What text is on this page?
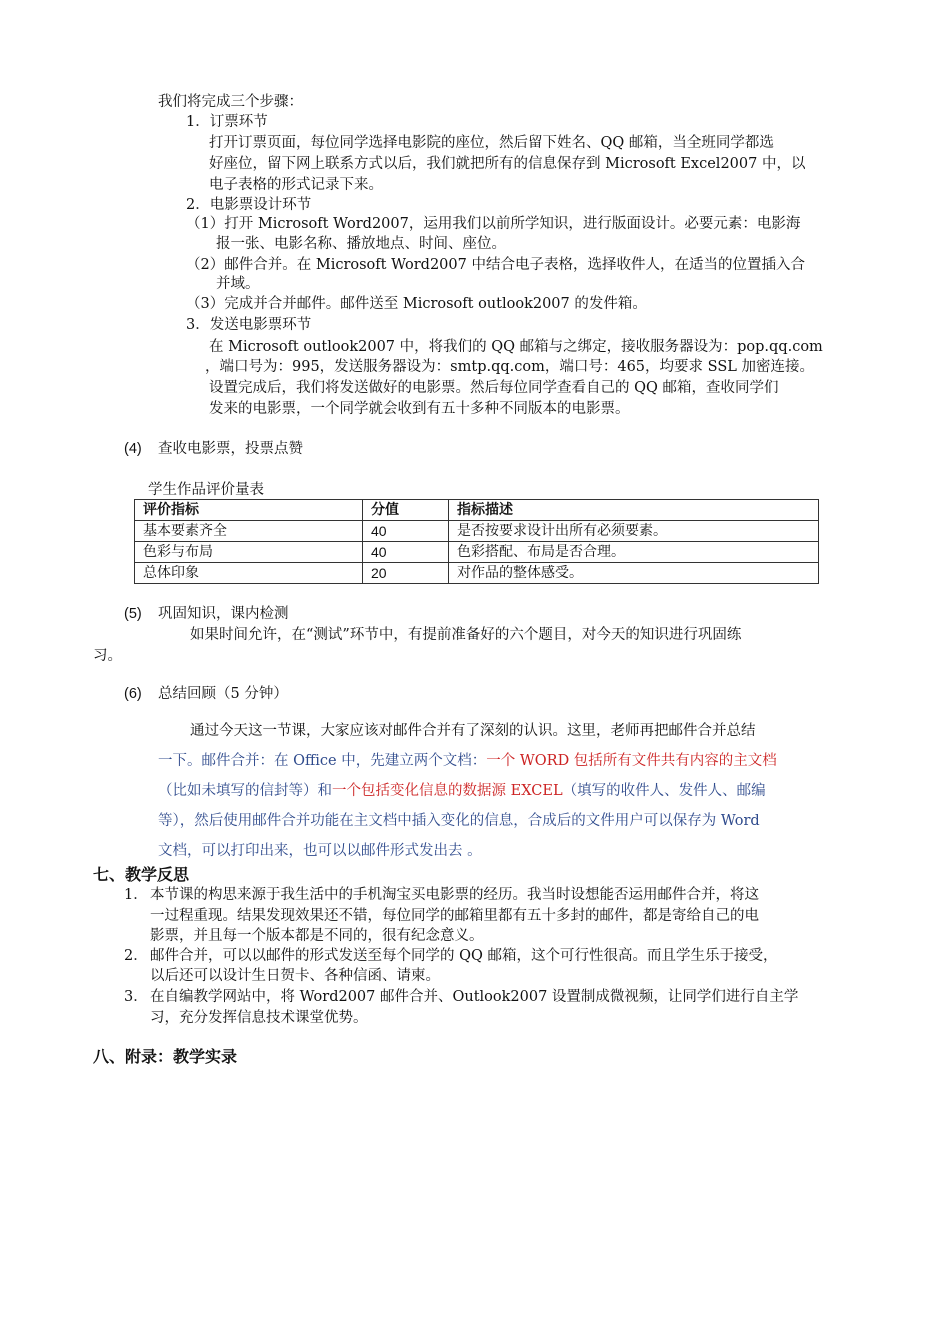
我们将完成三个步骤：
1．订票环节
打开订票页面，每位同学选择电影院的座位，然后留下姓名、QQ 邮箱，当全班同学都选
好座位，留下网上联系方式以后，我们就把所有的信息保存到 Microsoft Excel2007 中，以
电子表格的形式记录下来。
2．电影票设计环节
（1）打开 Microsoft Word2007，运用我们以前所学知识，进行版面设计。必要元素：电影海
报一张、电影名称、播放地点、时间、座位。
（2）邮件合并。在 Microsoft Word2007 中结合电子表格，选择收件人，在适当的位置插入合
并域。
（3）完成并合并邮件。邮件送至 Microsoft outlook2007 的发件箱。
3．发送电影票环节
在 Microsoft outlook2007 中，将我们的 QQ 邮箱与之绑定，接收服务器设为：pop.qq.com
，端口号为：995，发送服务器设为：smtp.qq.com，端口号：465，均要求 SSL 加密连接。
设置完成后，我们将发送做好的电影票。然后每位同学查看自己的 QQ 邮箱，查收同学们
发来的电影票，一个同学就会收到有五十多种不同版本的电影票。
(4) 查收电影票，投票点赞
学生作品评价量表
评价指标	分值	指标描述
基本要素齐全	40	是否按要求设计出所有必须要素。
色彩与布局	40	色彩搭配、布局是否合理。
总体印象	20	对作品的整体感受。
(5) 巩固知识，课内检测
如果时间允许，在“测试”环节中，有提前准备好的六个题目，对今天的知识进行巩固练
习。
(6) 总结回顾（5 分钟）
通过今天这一节课，大家应该对邮件合并有了深刻的认识。这里，老师再把邮件合并总结
一下。邮件合并：在 Office 中，先建立两个文档：一个 WORD 包括所有文件共有内容的主文档
（比如未填写的信封等）和一个包括变化信息的数据源 EXCEL（填写的收件人、发件人、邮编
等），然后使用邮件合并功能在主文档中插入变化的信息，合成后的文件用户可以保存为 Word
文档，可以打印出来，也可以以邮件形式发出去 。
七、教学反思
1． 本节课的构思来源于我生活中的手机淘宝买电影票的经历。我当时设想能否运用邮件合并，将这
一过程重现。结果发现效果还不错，每位同学的邮箱里都有五十多封的邮件，都是寄给自己的电
影票，并且每一个版本都是不同的，很有纪念意义。
2． 邮件合并，可以以邮件的形式发送至每个同学的 QQ 邮箱，这个可行性很高。而且学生乐于接受，
以后还可以设计生日贺卡、各种信函、请柬。
3． 在自编教学网站中，将 Word2007 邮件合并、Outlook2007 设置制成微视频，让同学们进行自主学
习，充分发挥信息技术课堂优势。
八、附录：教学实录
